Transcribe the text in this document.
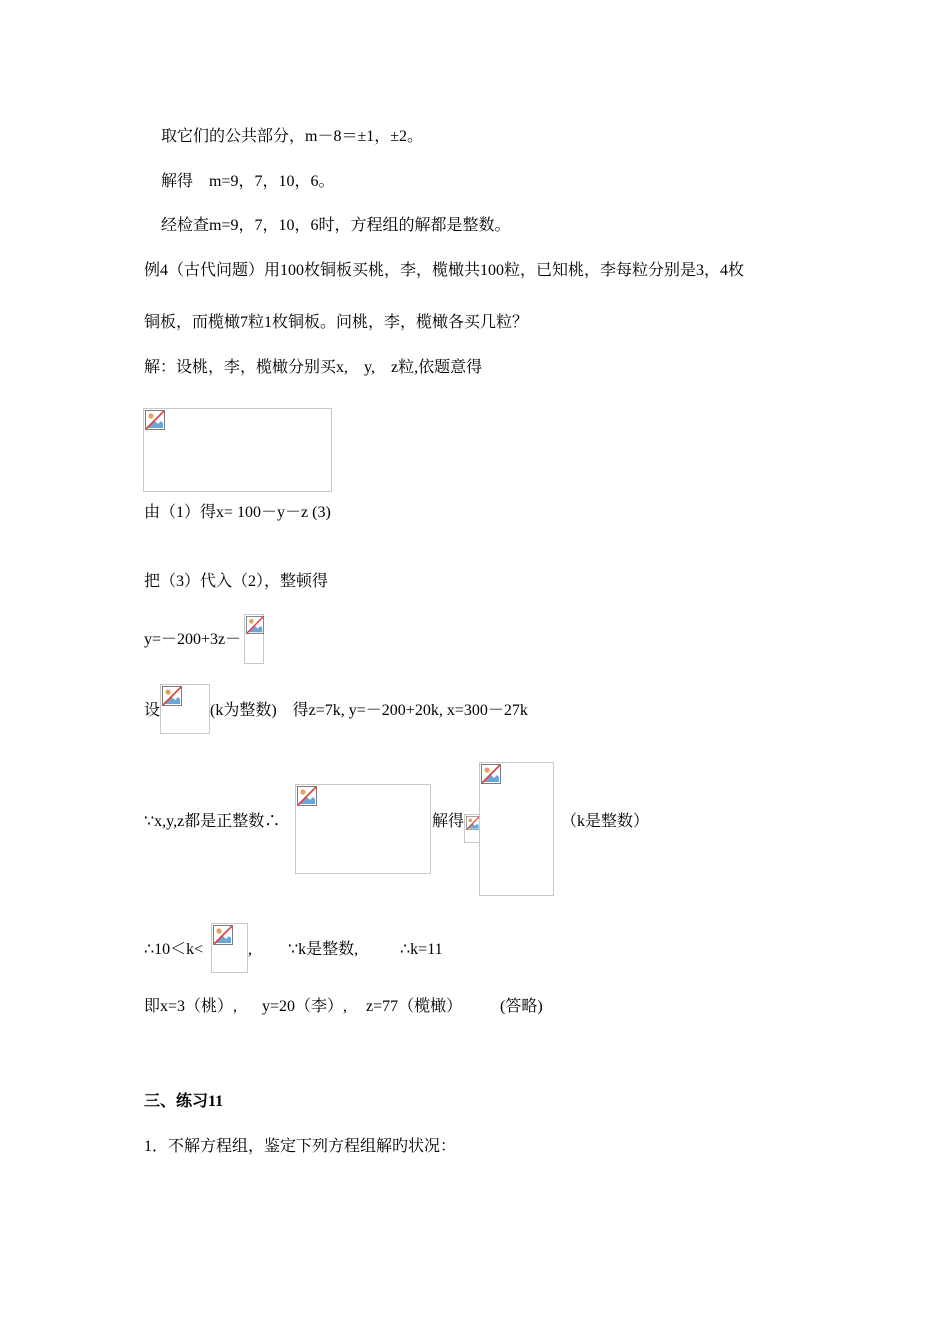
取它们的公共部分，m－8＝±1，±2。
解得　m=9，7，10，6。
经检查m=9，7，10，6时，方程组的解都是整数。
例4（古代问题）用100枚铜板买桃，李，榄橄共100粒，已知桃，李每粒分别是3，4枚
铜板，而榄橄7粒1枚铜板。问桃，李，榄橄各买几粒？
解：设桃，李，榄橄分别买x,　y,　z粒,依题意得
由（1）得x= 100－y－z (3)
把（3）代入（2），整顿得
y=－200+3z－
设	(k为整数)　得z=7k, y=－200+20k, x=300－27k
∵x,y,z都是正整数∴	解得	（k是整数）
∴10＜k<	, ∵k是整数,	∴k=11
即x=3（桃）, y=20（李）, z=77（榄橄） (答略)
三、练习11
1．不解方程组，鉴定下列方程组解旳状况：
